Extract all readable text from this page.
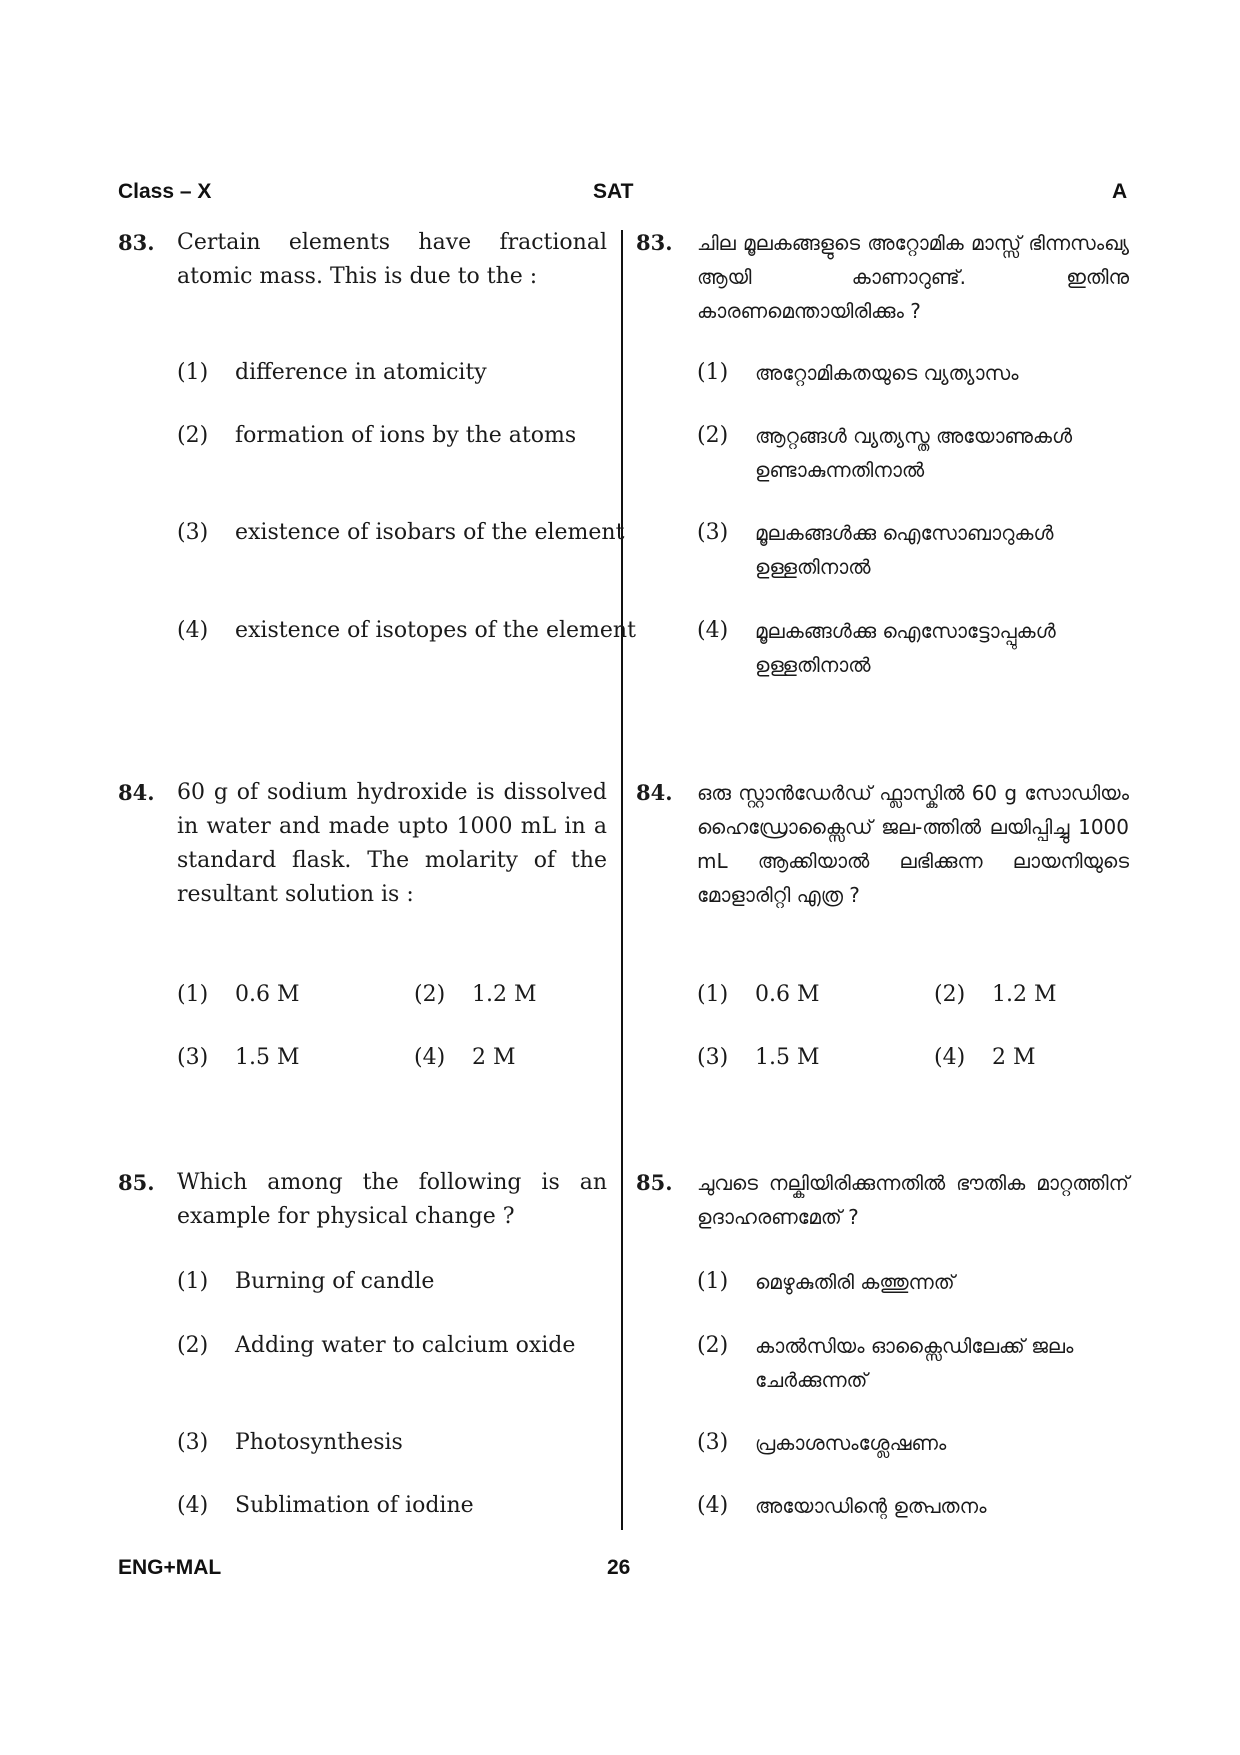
Class – X	SAT	A
83. Certain elements have fractional atomic mass. This is due to the :
(1) difference in atomicity
(2) formation of ions by the atoms
(3) existence of isobars of the element
(4) existence of isotopes of the element
83. ചില മൂലകങ്ങളുടെ അറ്റോമിക മാസ്സ് ഭിന്നസംഖ്യ ആയി കാണാറുണ്ട്. ഇതിനു കാരണമെന്തായിരിക്കും ?
(1) അറ്റോമികതയുടെ വ്യത്യാസം
(2) ആറ്റങ്ങൾ വ്യത്യസ്ത അയോണുകൾ ഉണ്ടാകുന്നതിനാൽ
(3) മൂലകങ്ങൾക്കു ഐസോബാറുകൾ ഉള്ളതിനാൽ
(4) മൂലകങ്ങൾക്കു ഐസോട്ടോപ്പുകൾ ഉള്ളതിനാൽ
84. 60 g of sodium hydroxide is dissolved in water and made upto 1000 mL in a standard flask. The molarity of the resultant solution is :
(1) 0.6 M	(2) 1.2 M
(3) 1.5 M	(4) 2 M
84. ഒരു സ്റ്റാൻഡേർഡ് ഫ്ലാസ്കിൽ 60 g സോഡിയം ഹൈഡ്രോക്സൈഡ് ജല-ത്തിൽ ലയിപ്പിച്ചു 1000 mL ആക്കിയാൽ ലഭിക്കുന്ന ലായനിയുടെ മോളാരിറ്റി എത്ര ?
(1) 0.6 M	(2) 1.2 M
(3) 1.5 M	(4) 2 M
85. Which among the following is an example for physical change ?
(1) Burning of candle
(2) Adding water to calcium oxide
(3) Photosynthesis
(4) Sublimation of iodine
85. ചുവടെ നല്കിയിരിക്കുന്നതിൽ ഭൗതിക മാറ്റത്തിന് ഉദാഹരണമേത് ?
(1) മെഴുകുതിരി കത്തുന്നത്
(2) കാൽസിയം ഓക്സൈഡിലേക്ക് ജലം ചേർക്കുന്നത്
(3) പ്രകാശസംശ്ലേഷണം
(4) അയോഡിന്റെ ഉത്പതനം
ENG+MAL	26
